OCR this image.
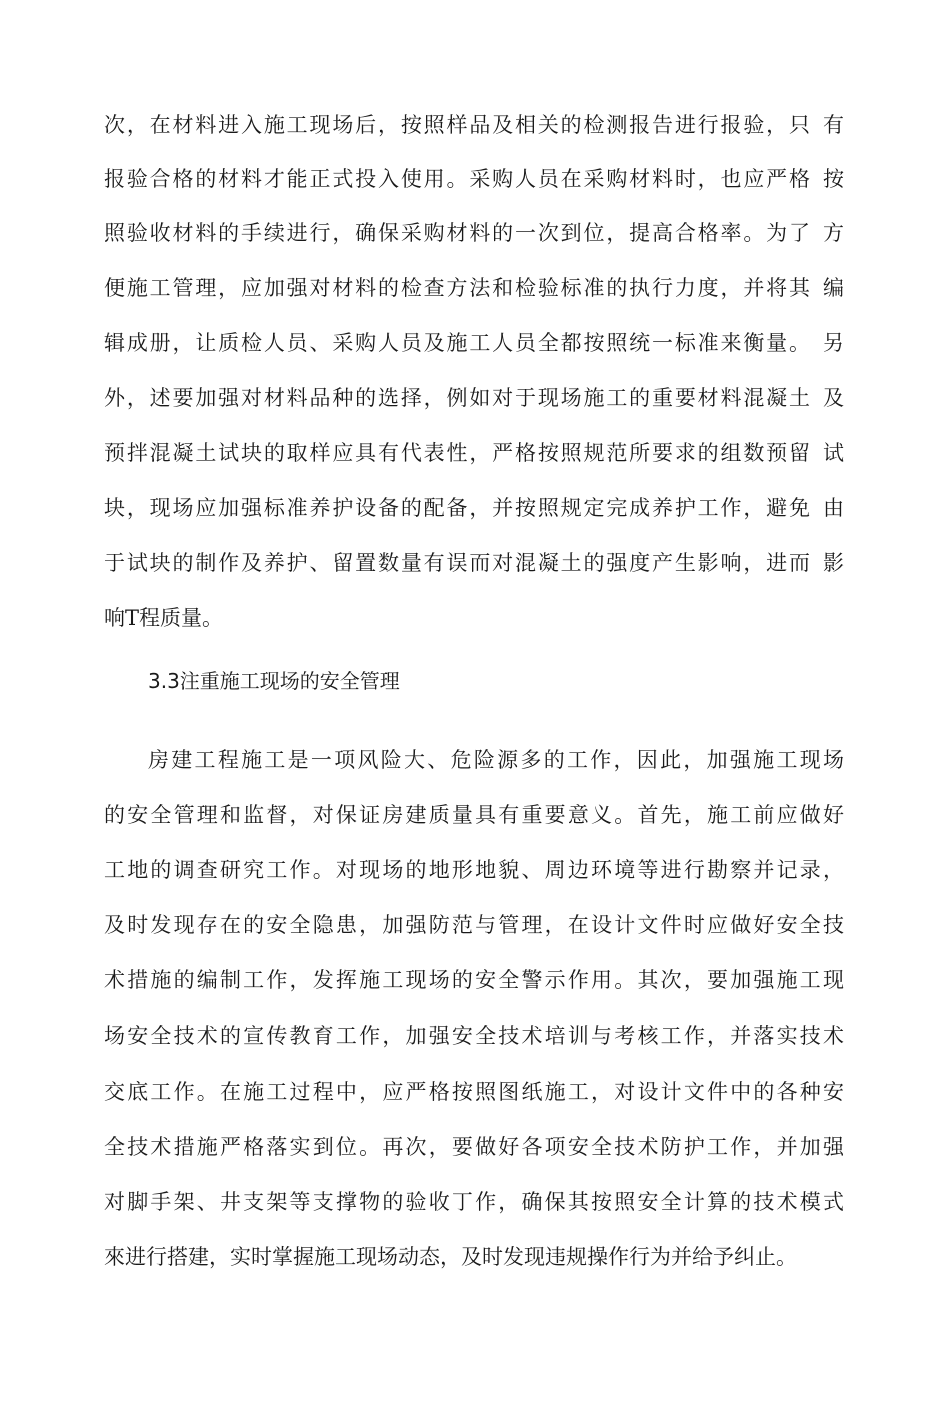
次，在材料进入施工现场后，按照样品及相关的检测报告进行报验，只
报验合格的材料才能正式投入使用。采购人员在采购材料时，也应严格
照验收材料的手续进行，确保采购材料的一次到位，提高合格率。为了
便施工管理，应加强对材料的检查方法和检验标准的执行力度，并将其
辑成册，让质检人员、采购人员及施工人员全都按照统一标准来衡量。
外，述要加强对材料品种的选择，例如对于现场施工的重要材料混凝土
预拌混凝土试块的取样应具有代表性，严格按照规范所要求的组数预留
块，现场应加强标准养护设备的配备，并按照规定完成养护工作，避免
于试块的制作及养护、留置数量有误而对混凝土的强度产生影响，进而
响T程质量。
有
按
方
编
另
及
试
由
影
3.3注重施工现场的安全管理
房建工程施工是一项风险大、危险源多的工作，因此，加强施工现场
的安全管理和监督，对保证房建质量具有重要意义。首先，施工前应做好
工地的调查研究工作。对现场的地形地貌、周边环境等进行勘察并记录，
及时发现存在的安全隐患，加强防范与管理，在设计文件时应做好安全技
术措施的编制工作，发挥施工现场的安全警示作用。其次，要加强施工现
场安全技术的宣传教育工作，加强安全技术培训与考核工作，并落实技术
交底工作。在施工过程中，应严格按照图纸施工，对设计文件中的各种安
全技术措施严格落实到位。再次，要做好各项安全技术防护工作，并加强
对脚手架、井支架等支撑物的验收丁作，确保其按照安全计算的技术模式
來进行搭建，实时掌握施工现场动态，及时发现违规操作行为并给予纠止。
